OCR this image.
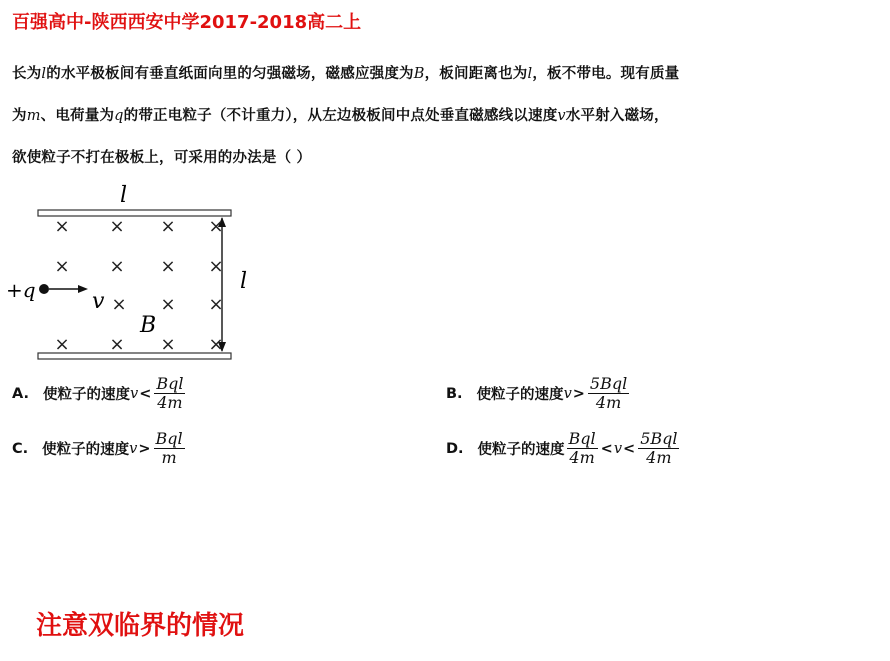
百强高中-陕西西安中学2017-2018高二上
长为l的水平极板间有垂直纸面向里的匀强磁场，磁感应强度为B，板间距离也为l，板不带电。现有质量
为m、电荷量为q的带正电粒子（不计重力），从左边极板间中点处垂直磁感线以速度v水平射入磁场，
欲使粒子不打在极板上，可采用的办法是（ ）
l
l
× × × ×
× × × ×
× × ×
× × × ×
+q	v
B
A. 使粒子的速度 $v < \frac{\text{Bql}}{4m}$	B. 使粒子的速度 $v > \frac{\text{5Bql}}{4m}$
C. 使粒子的速度 $v > \frac{\text{Bql}}{m}$	D. 使粒子的速度 $\frac{\text{Bql}}{4m} < v < \frac{\text{5Bql}}{4m}$
注意双临界的情况
